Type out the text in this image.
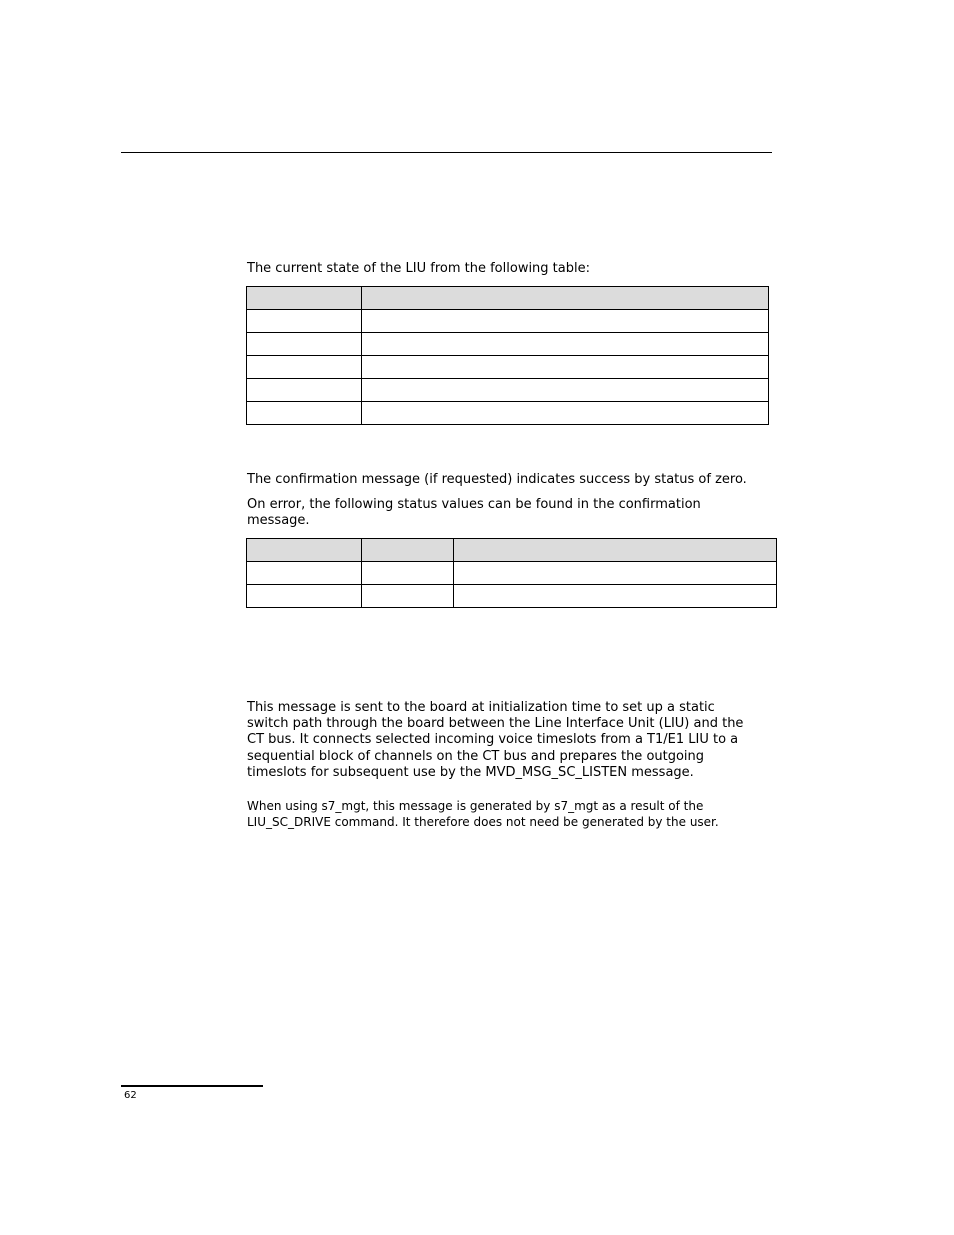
The current state of the LIU from the following table:

The confirmation message (if requested) indicates success by status of zero.

On error, the following status values can be found in the confirmation

message.

This message is sent to the board at initialization time to set up a static

switch path through the board between the Line Interface Unit (LIU) and the

CT bus. It connects selected incoming voice timeslots from a T1/E1 LIU to a

sequential block of channels on the CT bus and prepares the outgoing

timeslots for subsequent use by the MVD_MSG_SC_LISTEN message.

When using s7_mgt, this message is generated by s7_mgt as a result of the

LIU_SC_DRIVE command. It therefore does not need be generated by the user.

62
